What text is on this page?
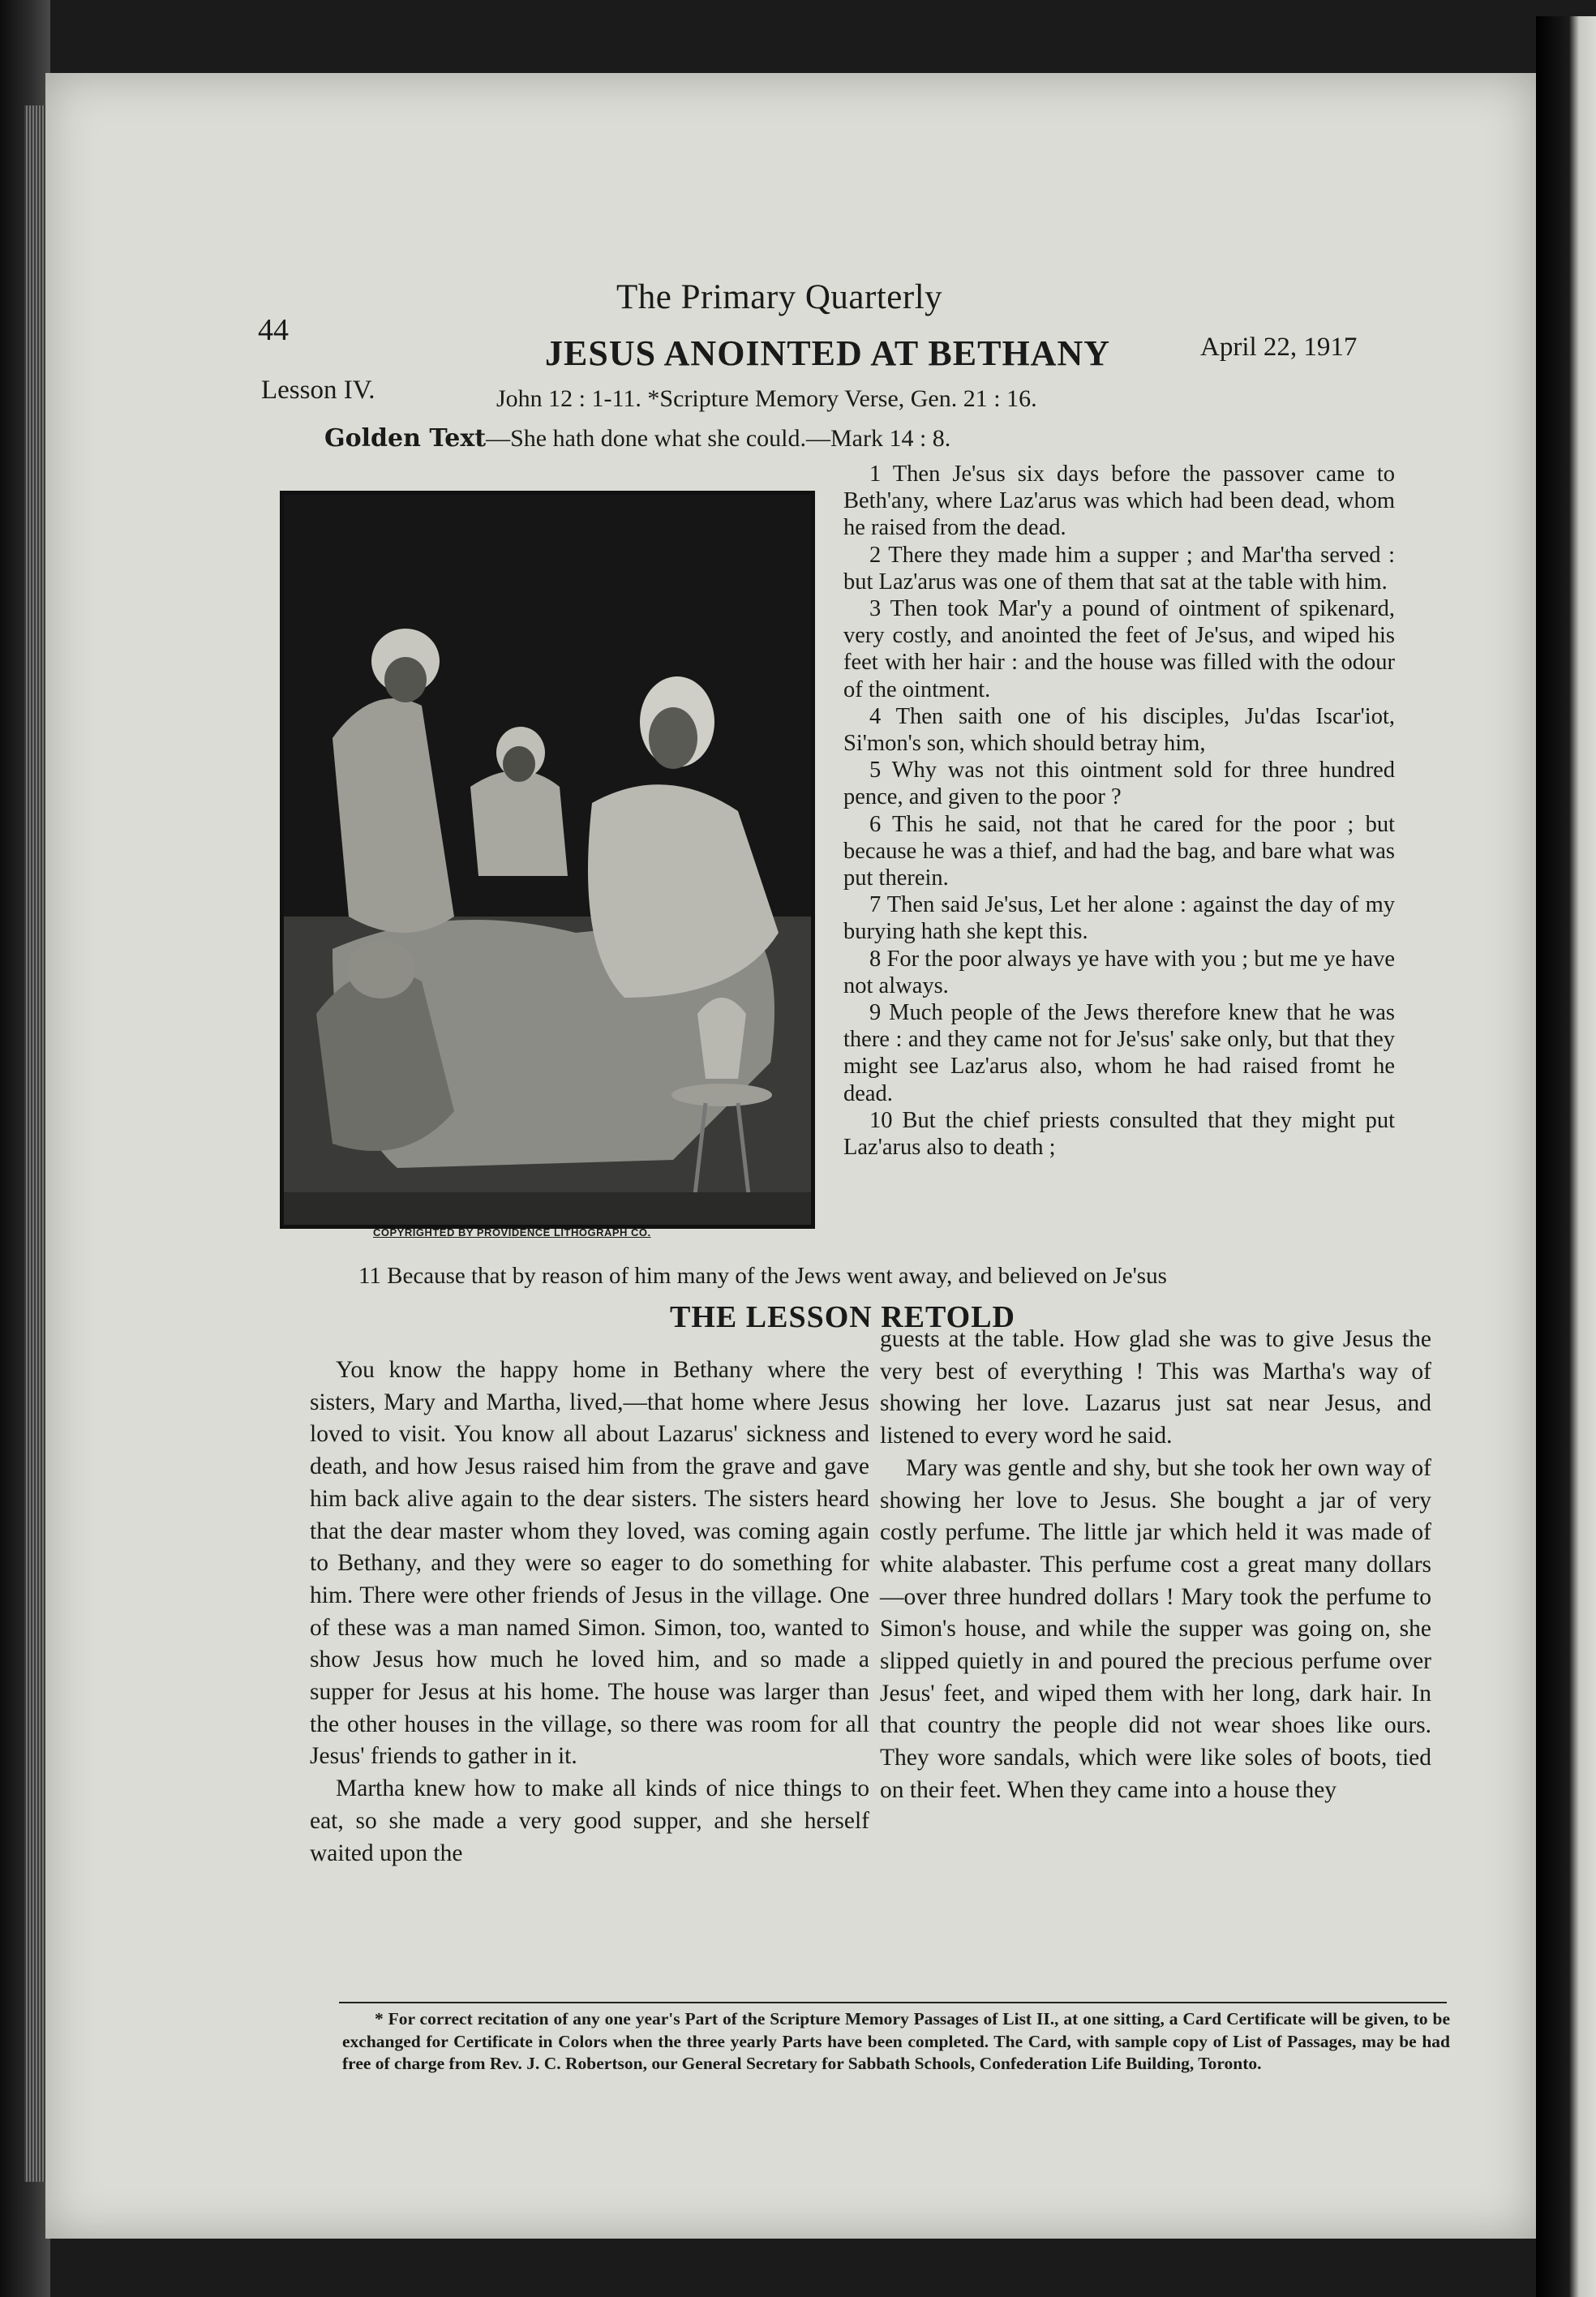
The Primary Quarterly
44
Lesson IV.
JESUS ANOINTED AT BETHANY	April 22, 1917
John 12 : 1-11. *Scripture Memory Verse, Gen. 21 : 16.
Golden Text—She hath done what she could.—Mark 14 : 8.
COPYRIGHTED BY PROVIDENCE LITHOGRAPH CO.

1 Then Je'sus six days before the passover came to Beth'any, where Laz'arus was which had been dead, whom he raised from the dead.

2 There they made him a supper ; and Mar'tha served : but Laz'arus was one of them that sat at the table with him.

3 Then took Mar'y a pound of ointment of spikenard, very costly, and anointed the feet of Je'sus, and wiped his feet with her hair : and the house was filled with the odour of the ointment.

4 Then saith one of his disciples, Ju'das Iscar'iot, Si'mon's son, which should betray him,

5 Why was not this ointment sold for three hundred pence, and given to the poor ?

6 This he said, not that he cared for the poor ; but because he was a thief, and had the bag, and bare what was put therein.

7 Then said Je'sus, Let her alone : against the day of my burying hath she kept this.

8 For the poor always ye have with you ; but me ye have not always.

9 Much people of the Jews therefore knew that he was there : and they came not for Je'sus' sake only, but that they might see Laz'arus also, whom he had raised fromt he dead.

10 But the chief priests consulted that they might put Laz'arus also to death ;

11 Because that by reason of him many of the Jews went away, and believed on Je'sus
THE LESSON RETOLD

You know the happy home in Bethany where the sisters, Mary and Martha, lived,—that home where Jesus loved to visit. You know all about Lazarus' sickness and death, and how Jesus raised him from the grave and gave him back alive again to the dear sisters. The sisters heard that the dear master whom they loved, was coming again to Bethany, and they were so eager to do something for him. There were other friends of Jesus in the village. One of these was a man named Simon. Simon, too, wanted to show Jesus how much he loved him, and so made a supper for Jesus at his home. The house was larger than the other houses in the village, so there was room for all Jesus' friends to gather in it.

Martha knew how to make all kinds of nice things to eat, so she made a very good supper, and she herself waited upon the

guests at the table. How glad she was to give Jesus the very best of everything ! This was Martha's way of showing her love. Lazarus just sat near Jesus, and listened to every word he said.

Mary was gentle and shy, but she took her own way of showing her love to Jesus. She bought a jar of very costly perfume. The little jar which held it was made of white alabaster. This perfume cost a great many dollars—over three hundred dollars ! Mary took the perfume to Simon's house, and while the supper was going on, she slipped quietly in and poured the precious perfume over Jesus' feet, and wiped them with her long, dark hair. In that country the people did not wear shoes like ours. They wore sandals, which were like soles of boots, tied on their feet. When they came into a house they

* For correct recitation of any one year's Part of the Scripture Memory Passages of List II., at one sitting, a Card Certificate will be given, to be exchanged for Certificate in Colors when the three yearly Parts have been completed. The Card, with sample copy of List of Passages, may be had free of charge from Rev. J. C. Robertson, our General Secretary for Sabbath Schools, Confederation Life Building, Toronto.
